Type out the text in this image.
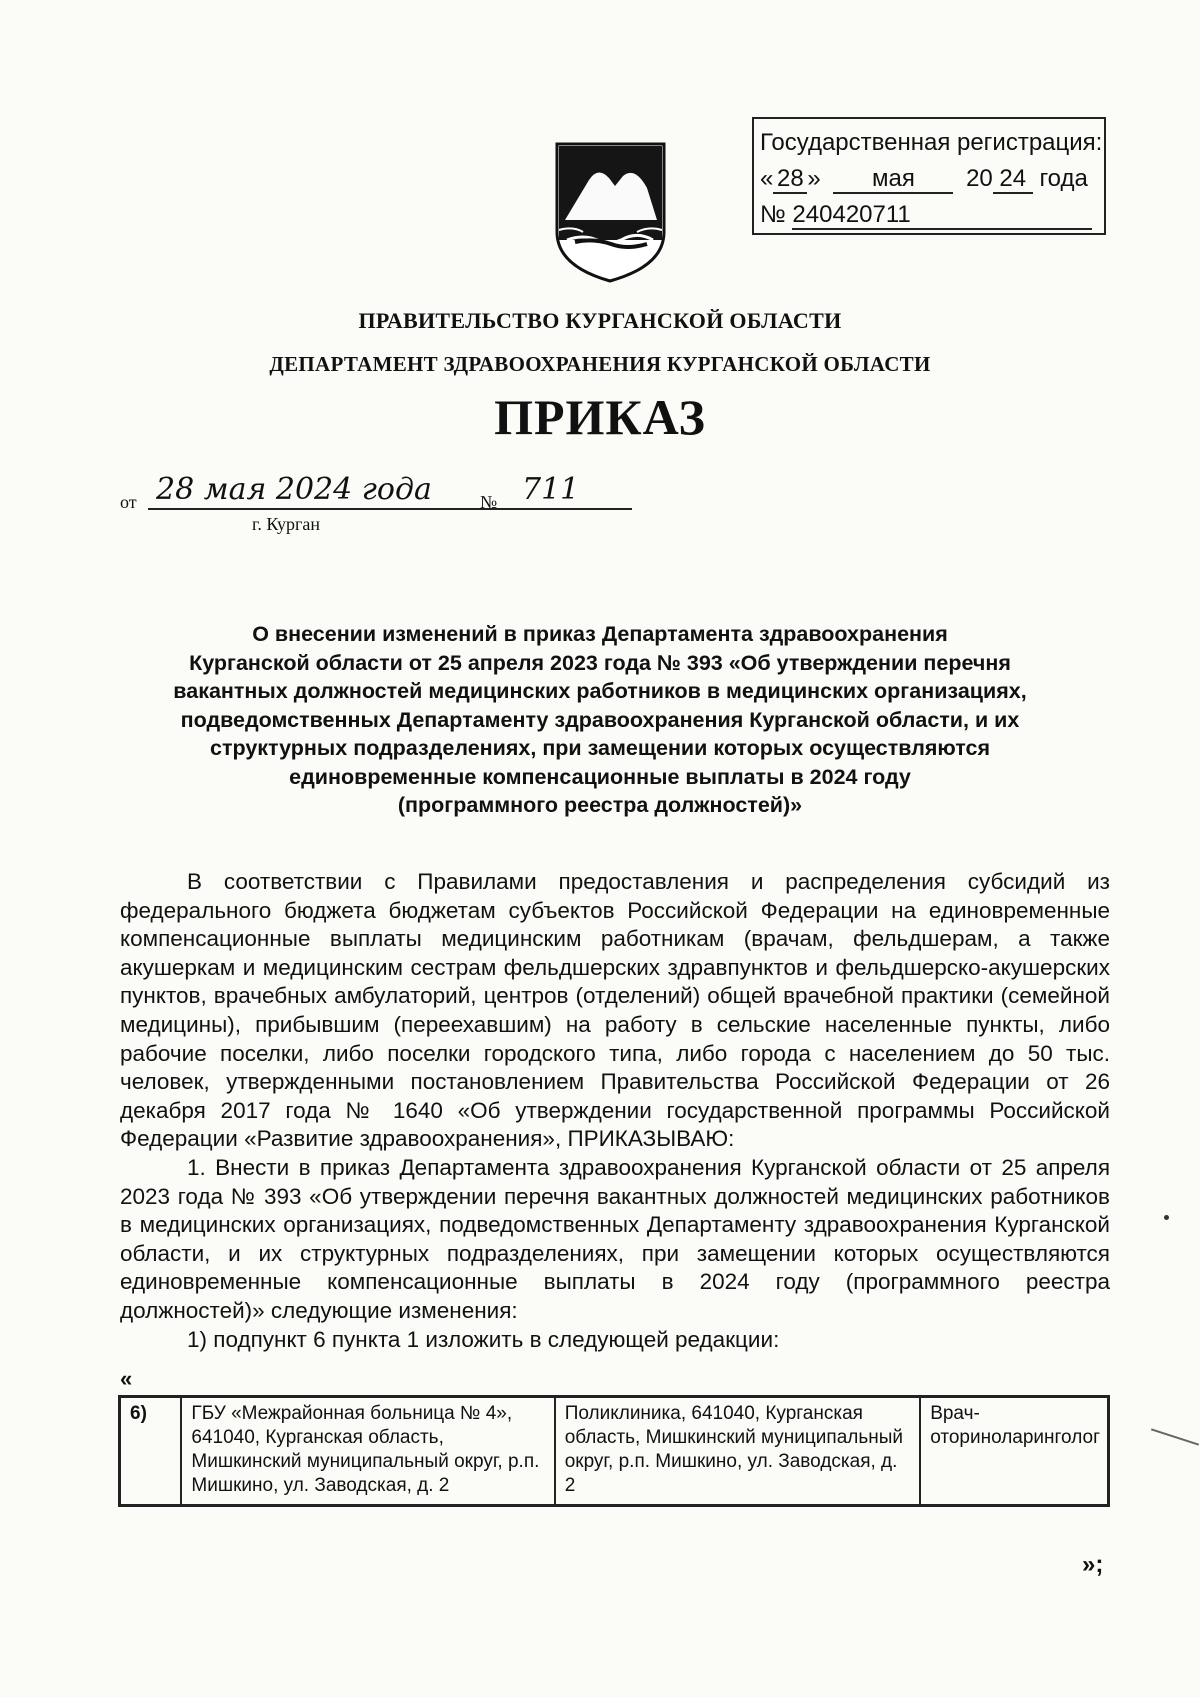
Государственная регистрация:
« 28 » мая 20 24 года
№ 240420711
ПРАВИТЕЛЬСТВО КУРГАНСКОЙ ОБЛАСТИ
ДЕПАРТАМЕНТ ЗДРАВООХРАНЕНИЯ КУРГАНСКОЙ ОБЛАСТИ
ПРИКАЗ
от 28 мая 2024 года	№ 711
г. Курган
О внесении изменений в приказ Департамента здравоохранения
Курганской области от 25 апреля 2023 года № 393 «Об утверждении перечня
вакантных должностей медицинских работников в медицинских организациях,
подведомственных Департаменту здравоохранения Курганской области, и их
структурных подразделениях, при замещении которых осуществляются
единовременные компенсационные выплаты в 2024 году
(программного реестра должностей)»

В соответствии с Правилами предоставления и распределения субсидий из федерального бюджета бюджетам субъектов Российской Федерации на единовременные компенсационные выплаты медицинским работникам (врачам, фельдшерам, а также акушеркам и медицинским сестрам фельдшерских здравпунктов и фельдшерско-акушерских пунктов, врачебных амбулаторий, центров (отделений) общей врачебной практики (семейной медицины), прибывшим (переехавшим) на работу в сельские населенные пункты, либо рабочие поселки, либо поселки городского типа, либо города с населением до 50 тыс. человек, утвержденными постановлением Правительства Российской Федерации от 26 декабря 2017 года № 1640 «Об утверждении государственной программы Российской Федерации «Развитие здравоохранения», ПРИКАЗЫВАЮ:

1. Внести в приказ Департамента здравоохранения Курганской области от 25 апреля 2023 года № 393 «Об утверждении перечня вакантных должностей медицинских работников в медицинских организациях, подведомственных Департаменту здравоохранения Курганской области, и их структурных подразделениях, при замещении которых осуществляются единовременные компенсационные выплаты в 2024 году (программного реестра должностей)» следующие изменения:

1) подпункт 6 пункта 1 изложить в следующей редакции:

«
6)	ГБУ «Межрайонная больница № 4», 641040, Курганская область, Мишкинский муниципальный округ, р.п. Мишкино, ул. Заводская, д. 2	Поликлиника, 641040, Курганская область, Мишкинский муниципальный округ, р.п. Мишкино, ул. Заводская, д. 2	Врач-оториноларинголог
»;
